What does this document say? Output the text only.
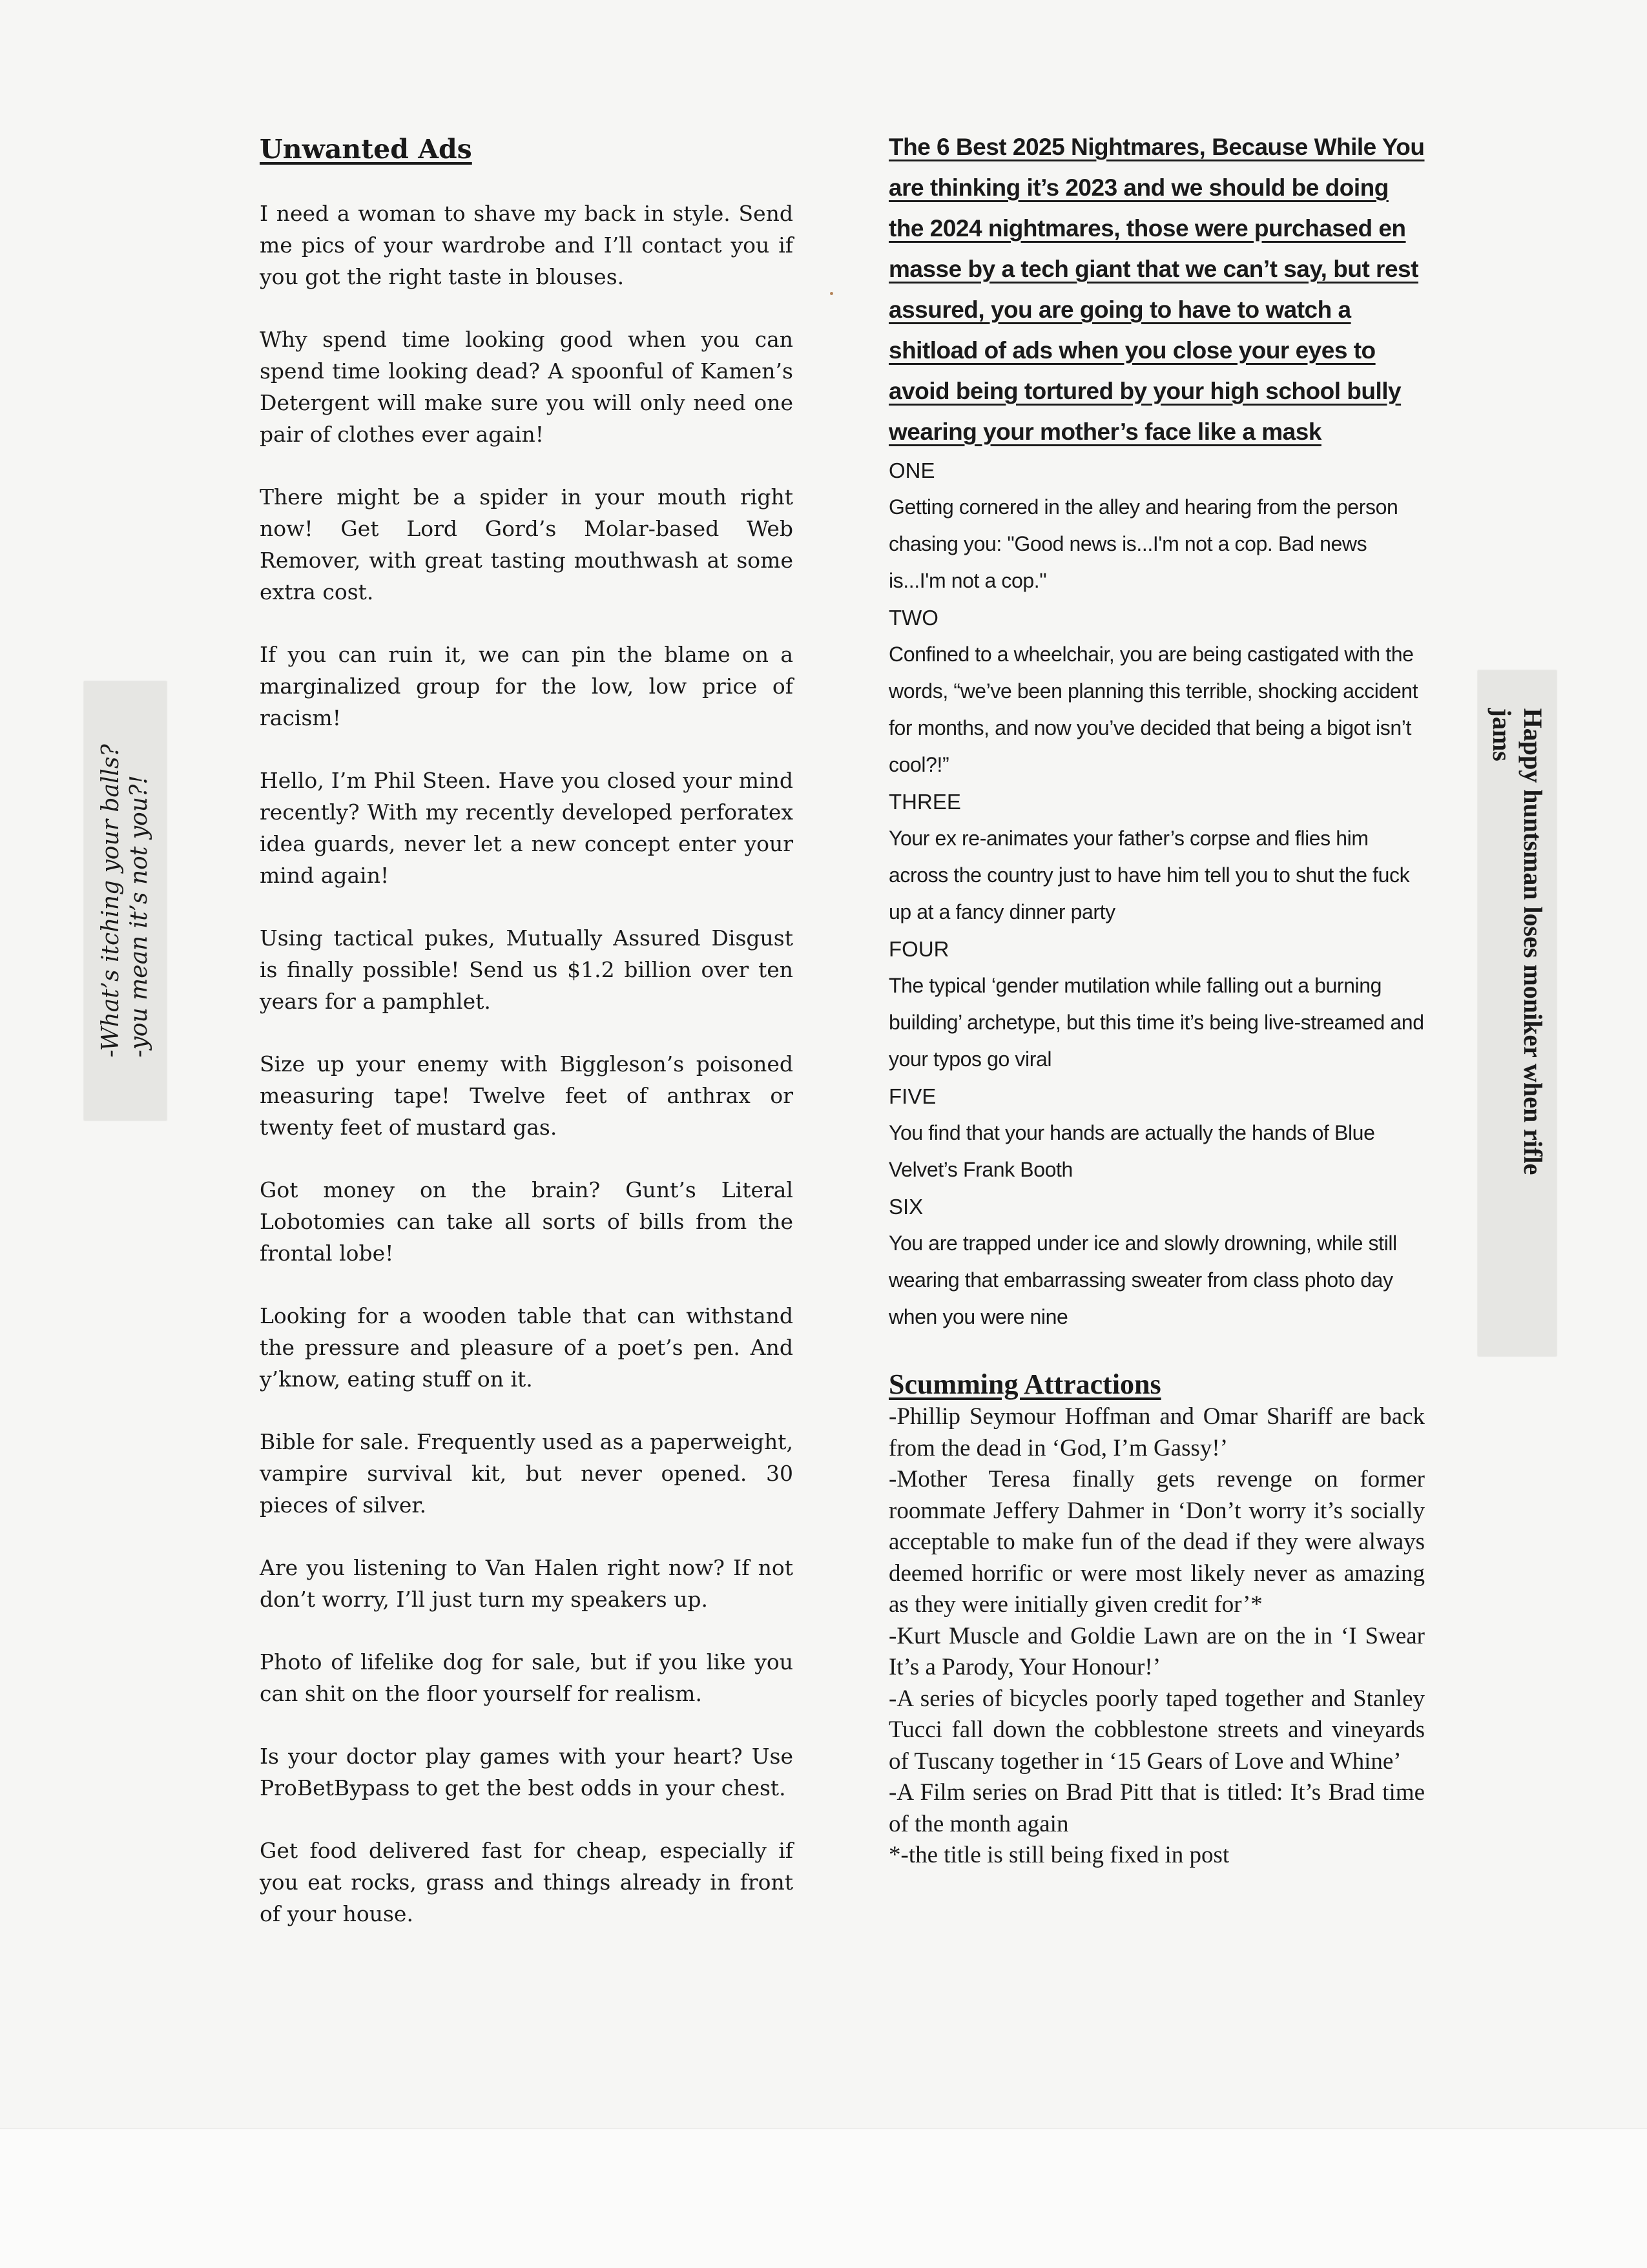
Unwanted Ads

I need a woman to shave my back in style. Send me pics of your wardrobe and I’ll contact you if you got the right taste in blouses.

Why spend time looking good when you can spend time looking dead? A spoonful of Kamen’s Detergent will make sure you will only need one pair of clothes ever again!

There might be a spider in your mouth right now! Get Lord Gord’s Molar-based Web Remover, with great tasting mouthwash at some extra cost.

If you can ruin it, we can pin the blame on a marginalized group for the low, low price of racism!

Hello, I’m Phil Steen. Have you closed your mind recently? With my recently developed perforatex idea guards, never let a new concept enter your mind again!

Using tactical pukes, Mutually Assured Disgust is finally possible! Send us $1.2 billion over ten years for a pamphlet.

Size up your enemy with Biggleson’s poisoned measuring tape! Twelve feet of anthrax or twenty feet of mustard gas.

Got money on the brain? Gunt’s Literal Lobotomies can take all sorts of bills from the frontal lobe!

Looking for a wooden table that can withstand the pressure and pleasure of a poet’s pen. And y’know, eating stuff on it.

Bible for sale. Frequently used as a paperweight, vampire survival kit, but never opened. 30 pieces of silver.

Are you listening to Van Halen right now? If not don’t worry, I’ll just turn my speakers up.

Photo of lifelike dog for sale, but if you like you can shit on the floor yourself for realism.

Is your doctor play games with your heart? Use ProBetBypass to get the best odds in your chest.

Get food delivered fast for cheap, especially if you eat rocks, grass and things already in front of your house.

The 6 Best 2025 Nightmares, Because While You are thinking it’s 2023 and we should be doing the 2024 nightmares, those were purchased en masse by a tech giant that we can’t say, but rest assured, you are going to have to watch a shitload of ads when you close your eyes to avoid being tortured by your high school bully wearing your mother’s face like a mask

ONE

Getting cornered in the alley and hearing from the person chasing you: "Good news is...I'm not a cop. Bad news is...I'm not a cop."

TWO

Confined to a wheelchair, you are being castigated with the words, “we’ve been planning this terrible, shocking accident for months, and now you’ve decided that being a bigot isn’t cool?!”

THREE

Your ex re-animates your father’s corpse and flies him across the country just to have him tell you to shut the fuck up at a fancy dinner party

FOUR

The typical ‘gender mutilation while falling out a burning building’ archetype, but this time it’s being live-streamed and your typos go viral

FIVE

You find that your hands are actually the hands of Blue Velvet’s Frank Booth

SIX

You are trapped under ice and slowly drowning, while still wearing that embarrassing sweater from class photo day when you were nine

Scumming Attractions

-Phillip Seymour Hoffman and Omar Shariff are back from the dead in ‘God, I’m Gassy!’

-Mother Teresa finally gets revenge on former roommate Jeffery Dahmer in ‘Don’t worry it’s socially acceptable to make fun of the dead if they were always deemed horrific or were most likely never as amazing as they were initially given credit for’*

-Kurt Muscle and Goldie Lawn are on the in ‘I Swear It’s a Parody, Your Honour!’

-A series of bicycles poorly taped together and Stanley Tucci fall down the cobblestone streets and vineyards of Tuscany together in ‘15 Gears of Love and Whine’

-A Film series on Brad Pitt that is titled: It’s Brad time of the month again

*-the title is still being fixed in post

-What’s itching your balls? -you mean it’s not you?!	Happy huntsman loses moniker when rifle
jams
